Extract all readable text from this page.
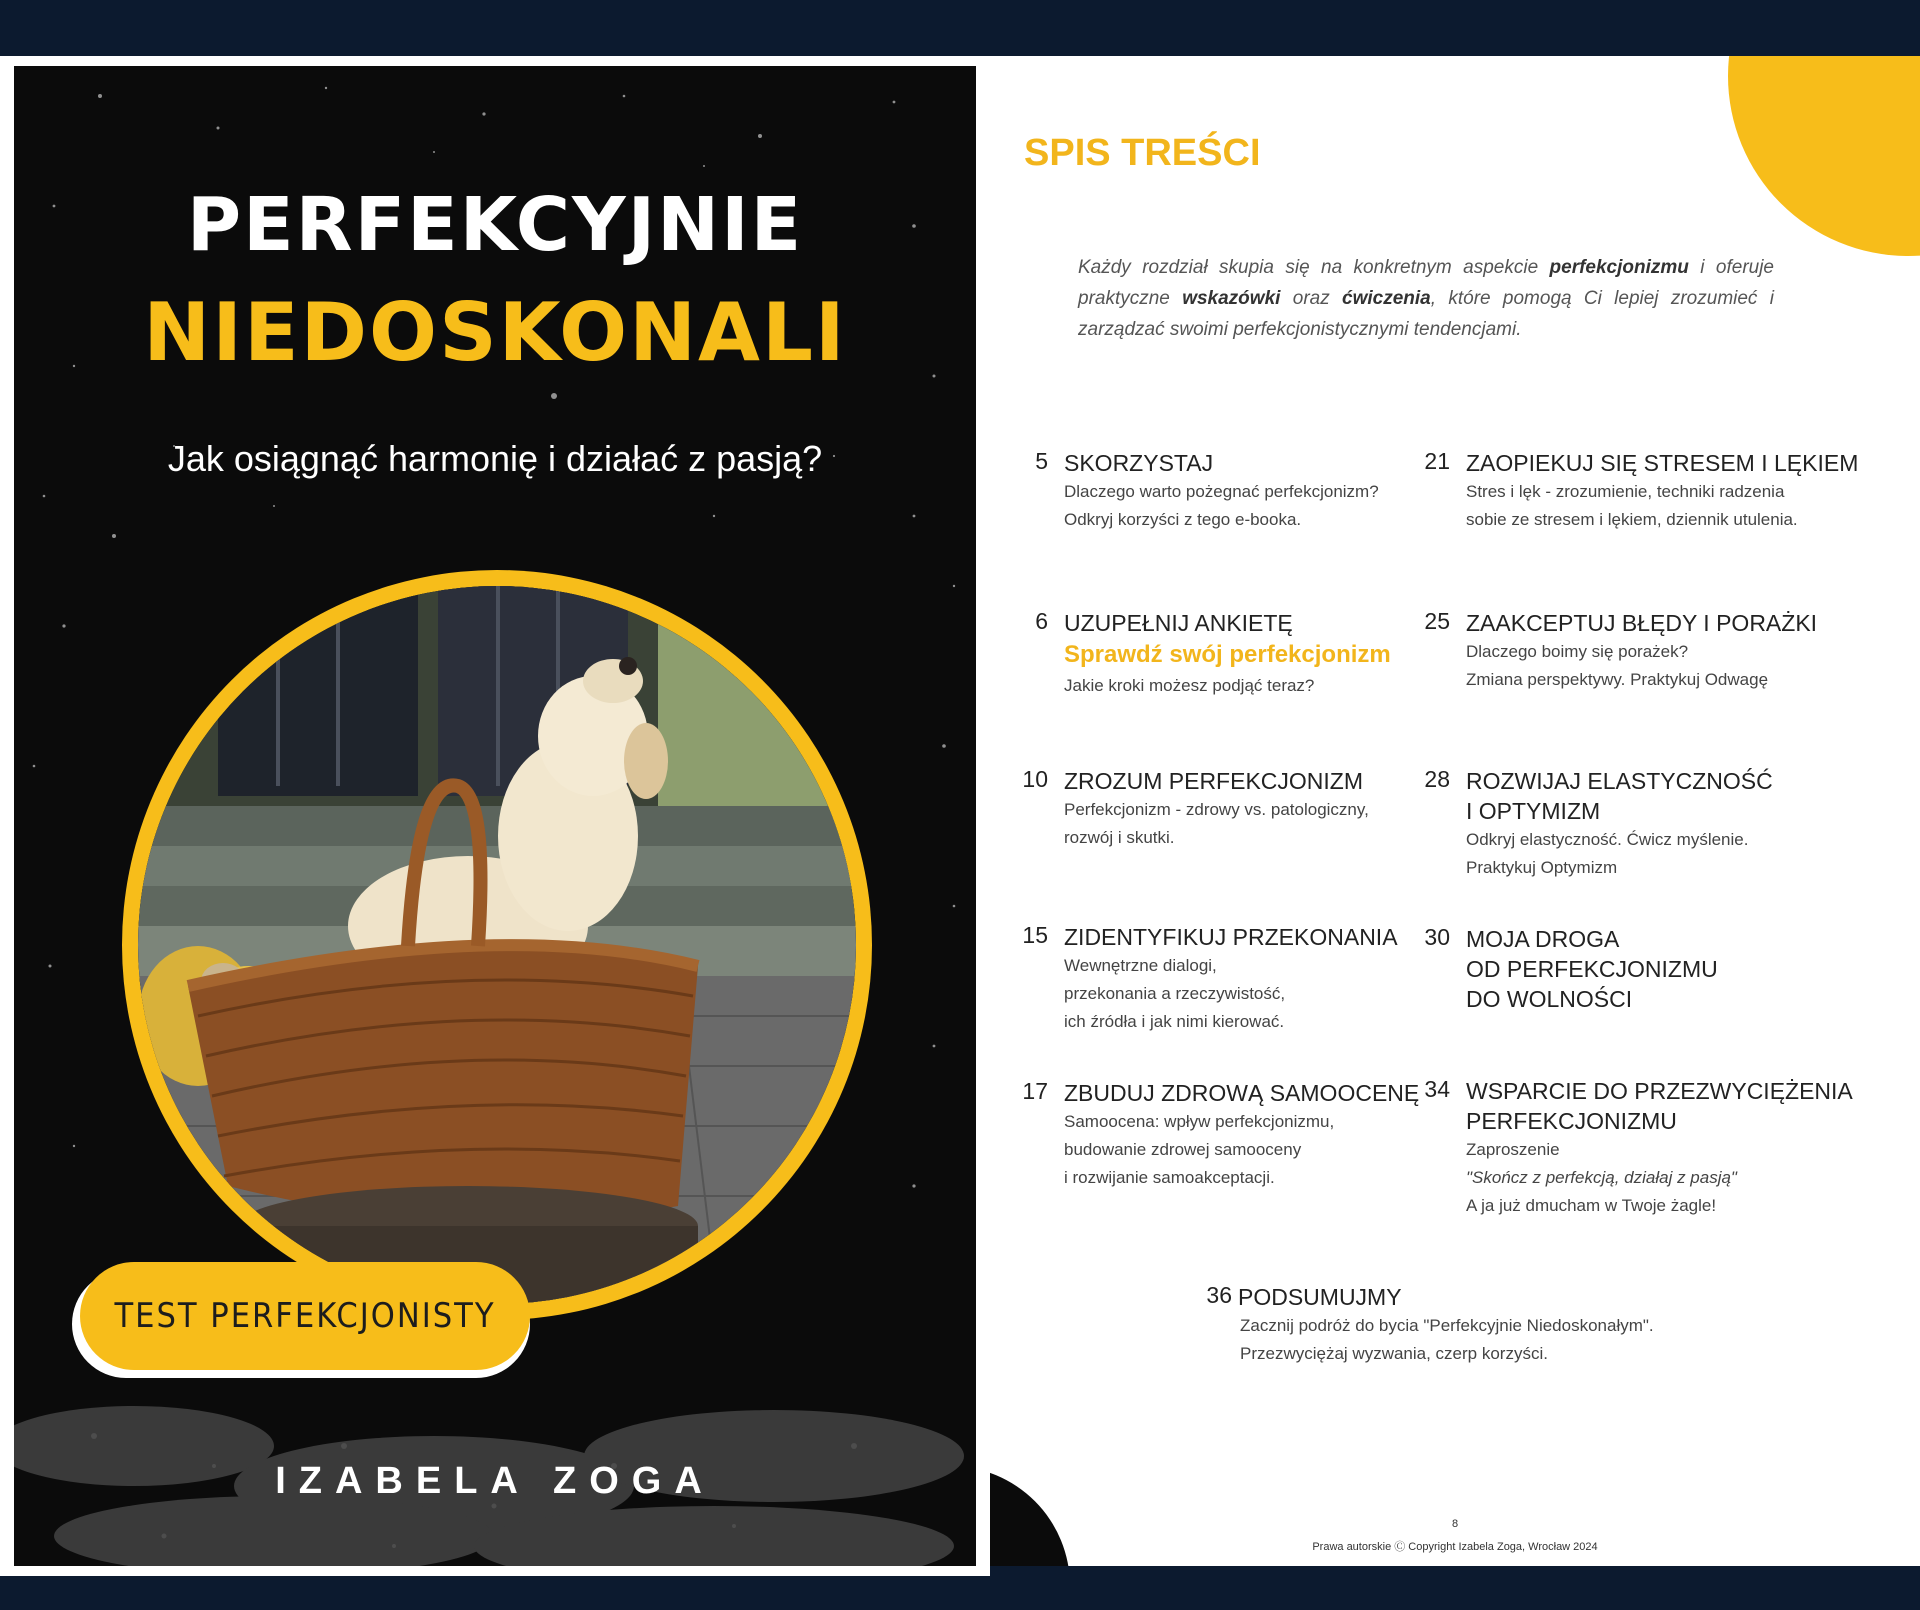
PERFEKCYJNIE
NIEDOSKONALI
Jak osiągnąć harmonię i działać z pasją?
TEST PERFEKCJONISTY
IZABELA ZOGA
SPIS TREŚCI
Każdy rozdział skupia się na konkretnym aspekcie perfekcjonizmu i oferuje praktyczne wskazówki oraz ćwiczenia, które pomogą Ci lepiej zrozumieć i zarządzać swoimi perfekcjonistycznymi tendencjami.
5 SKORZYSTAJ
Dlaczego warto pożegnać perfekcjonizm?
Odkryj korzyści z tego e-booka.
6 UZUPEŁNIJ ANKIETĘ
Sprawdź swój perfekcjonizm
Jakie kroki możesz podjąć teraz?
10 ZROZUM PERFEKCJONIZM
Perfekcjonizm - zdrowy vs. patologiczny,
rozwój i skutki.
15 ZIDENTYFIKUJ PRZEKONANIA
Wewnętrzne dialogi,
przekonania a rzeczywistość,
ich źródła i jak nimi kierować.
17 ZBUDUJ ZDROWĄ SAMOOCENĘ
Samoocena: wpływ perfekcjonizmu,
budowanie zdrowej samooceny
i rozwijanie samoakceptacji.
21 ZAOPIEKUJ SIĘ STRESEM I LĘKIEM
Stres i lęk - zrozumienie, techniki radzenia
sobie ze stresem i lękiem, dziennik utulenia.
25 ZAAKCEPTUJ BŁĘDY I PORAŻKI
Dlaczego boimy się porażek?
Zmiana perspektywy. Praktykuj Odwagę
28 ROZWIJAJ ELASTYCZNOŚĆ
I OPTYMIZM
Odkryj elastyczność. Ćwicz myślenie.
Praktykuj Optymizm
30 MOJA DROGA
OD PERFEKCJONIZMU
DO WOLNOŚCI
34 WSPARCIE DO PRZEZWYCIĘŻENIA
PERFEKCJONIZMU
Zaproszenie
"Skończ z perfekcją, działaj z pasją"
A ja już dmucham w Twoje żagle!
36 PODSUMUJMY
Zacznij podróż do bycia "Perfekcyjnie Niedoskonałym".
Przezwyciężaj wyzwania, czerp korzyści.
8
Prawa autorskie Ⓒ Copyright Izabela Zoga, Wrocław 2024
